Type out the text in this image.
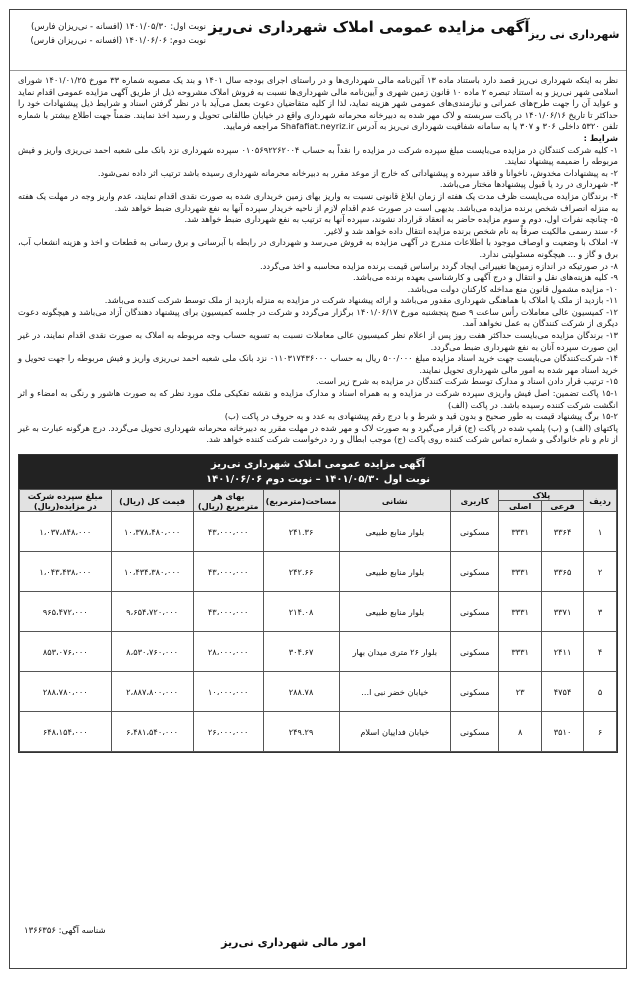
شهرداری نی ریز
آگهی مزایده عمومی املاک شهرداری نی‌ریز
نوبت اول: ۱۴۰۱/۰۵/۳۰ (افسانه - نی‌ریزان فارس)
نوبت دوم: ۱۴۰۱/۰۶/۰۶ (افسانه - نی‌ریزان فارس)

نظر به اینکه شهرداری نی‌ریز قصد دارد باستناد ماده ۱۳ آئین‌نامه مالی شهرداری‌ها و در راستای اجرای بودجه سال ۱۴۰۱ و بند یک مصوبه شماره ۳۳ مورخ ۱۴۰۱/۰۱/۲۵ شورای اسلامی شهر نی‌ریز و به استناد تبصره ۲ ماده ۱۰ قانون زمین شهری و آیین‌نامه مالی شهرداری‌ها نسبت به فروش املاک مشروحه ذیل از طریق آگهی مزایده عمومی اقدام نماید و عواید آن را جهت طرح‌های عمرانی و نیازمندی‌های عمومی شهر هزینه نماید، لذا از کلیه متقاضیان دعوت بعمل می‌آید با در نظر گرفتن اسناد و شرایط ذیل پیشنهادات خود را حداکثر تا تاریخ ۱۴۰۱/۰۶/۱۶ در پاکت سربسته و لاک مهر شده به دبیرخانه محرمانه شهرداری واقع در خیابان طالقانی تحویل و رسید اخذ نمایند. ضمناً جهت اطلاع بیشتر با شماره تلفن ۵۳۲۰ داخلی ۳۰۶ و ۳۰۷ یا به سامانه شفافیت شهرداری نی‌ریز به آدرس Shafafiat.neyriz.ir مراجعه فرمایید.

شرایط :

۱- کلیه شرکت کنندگان در مزایده می‌بایست مبلغ سپرده شرکت در مزایده را نقداً به حساب ۰۱۰۵۶۹۲۲۶۲۰۰۴ سپرده شهرداری نزد بانک ملی شعبه احمد نی‌ریزی واریز و فیش مربوطه را ضمیمه پیشنهاد نمایند.

۲- به پیشنهادات مخدوش، ناخوانا و فاقد سپرده و پیشنهاداتی که خارج از موعد مقرر به دبیرخانه محرمانه شهرداری رسیده باشد ترتیب اثر داده نمی‌شود.

۳- شهرداری در رد یا قبول پیشنهادها مختار می‌باشد.

۴- برندگان مزایده می‌بایست ظرف مدت یک هفته از زمان ابلاغ قانونی نسبت به واریز بهای زمین خریداری شده به صورت نقدی اقدام نمایند، عدم واریز وجه در مهلت یک هفته به منزله انصراف شخص برنده مزایده می‌باشد. بدیهی است در صورت عدم اقدام لازم از ناحیه خریدار سپرده آنها به نفع شهرداری ضبط خواهد شد.

۵- چنانچه نفرات اول، دوم و سوم مزایده حاضر به انعقاد قرارداد نشوند، سپرده آنها به ترتیب به نفع شهرداری ضبط خواهد شد.

۶- سند رسمی مالکیت صرفاً به نام شخص برنده مزایده انتقال داده خواهد شد و لاغیر.

۷- املاک با وضعیت و اوصاف موجود با اطلاعات مندرج در آگهی مزایده به فروش می‌رسد و شهرداری در رابطه با آبرسانی و برق رسانی به قطعات و اخذ و هزینه انشعاب آب، برق و گاز و ... هیچگونه مسئولیتی ندارد.

۸- در صورتیکه در اندازه زمین‌ها تغییراتی ایجاد گردد براساس قیمت برنده مزایده محاسبه و اخذ می‌گردد.

۹- کلیه هزینه‌های نقل و انتقال و درج آگهی و کارشناسی بعهده برنده می‌باشد.

۱۰- مزایده مشمول قانون منع مداخله کارکنان دولت می‌باشد.

۱۱- بازدید از ملک یا املاک با هماهنگی شهرداری مقدور می‌باشد و ارائه پیشنهاد شرکت در مزایده به منزله بازدید از ملک توسط شرکت کننده می‌باشد.

۱۲- کمیسیون عالی معاملات رأس ساعت ۹ صبح پنجشنبه مورخ ۱۴۰۱/۰۶/۱۷ برگزار می‌گردد و شرکت در جلسه کمیسیون برای پیشنهاد دهندگان آزاد می‌باشد و هیچگونه دعوت دیگری از شرکت کنندگان به عمل نخواهد آمد.

۱۳- برندگان مزایده می‌بایست حداکثر هفت روز پس از اعلام نظر کمیسیون عالی معاملات نسبت به تسویه حساب وجه مربوطه به املاک به صورت نقدی اقدام نمایند، در غیر این صورت سپرده آنان به نفع شهرداری ضبط می‌گردد.

۱۴- شرکت‌کنندگان می‌بایست جهت خرید اسناد مزایده مبلغ ۵۰۰/۰۰۰ ریال به حساب ۰۱۱۰۳۱۷۴۳۶۰۰۰ نزد بانک ملی شعبه احمد نی‌ریزی واریز و فیش مربوطه را جهت تحویل و خرید اسناد مهر شده به امور مالی شهرداری تحویل نمایند.

۱۵- ترتیب قرار دادن اسناد و مدارک توسط شرکت کنندگان در مزایده به شرح زیر است.

۱۵-۱ پاکت تضمین: اصل فیش واریزی سپرده شرکت در مزایده و به همراه اسناد و مدارک مزایده و نقشه تفکیکی ملک مورد نظر که به صورت هاشور و رنگی به امضاء و اثر انگشت شرکت کننده رسیده باشد. در پاکت (الف)

۱۵-۲ برگ پیشنهاد قیمت به طور صحیح و بدون قید و شرط و با درج رقم پیشنهادی به عدد و به حروف در پاکت (ب)

پاکتهای (الف) و (ب) پلمپ شده در پاکت (ج) قرار می‌گیرد و به صورت لاک و مهر شده در مهلت مقرر به دبیرخانه محرمانه شهرداری تحویل می‌گردد. درج هرگونه عبارت به غیر از نام و نام خانوادگی و شماره تماس شرکت کننده روی پاکت (ج) موجب ابطال و رد درخواست شرکت کننده خواهد شد.

آگهی مزایده عمومی املاک شهرداری نی‌ریز
نوبت اول ۱۴۰۱/۰۵/۳۰ – نوبت دوم ۱۴۰۱/۰۶/۰۶
ردیف	پلاک		کاربری	نشانی	مساحت(مترمربع)	بهای هر مترمربع (ریال)	قیمت کل (ریال)	مبلغ سپرده شرکت در مزایده(ریال)
	فرعی	اصلی						
۱	۳۳۶۴	۳۳۳۱	مسکونی	بلوار منابع طبیعی	۲۴۱.۳۶	۴۳،۰۰۰،۰۰۰	۱۰،۳۷۸،۴۸۰،۰۰۰	۱،۰۳۷،۸۴۸،۰۰۰
۲	۳۳۶۵	۳۳۳۱	مسکونی	بلوار منابع طبیعی	۲۴۲.۶۶	۴۳،۰۰۰،۰۰۰	۱۰،۴۳۴،۳۸۰،۰۰۰	۱،۰۴۳،۴۳۸،۰۰۰
۳	۳۳۷۱	۳۳۳۱	مسکونی	بلوار منابع طبیعی	۲۱۴.۰۸	۴۳،۰۰۰،۰۰۰	۹،۶۵۴،۷۲۰،۰۰۰	۹۶۵،۴۷۲،۰۰۰
۴	۲۴۱۱	۳۳۳۱	مسکونی	بلوار ۲۶ متری میدان بهار	۳۰۴.۶۷	۲۸،۰۰۰،۰۰۰	۸،۵۳۰،۷۶۰،۰۰۰	۸۵۳،۰۷۶،۰۰۰
۵	۴۷۵۴	۲۳	مسکونی	خیابان خضر نبی ا...	۲۸۸.۷۸	۱۰،۰۰۰،۰۰۰	۲،۸۸۷،۸۰۰،۰۰۰	۲۸۸،۷۸۰،۰۰۰
۶	۳۵۱۰	۸	مسکونی	خیابان فداییان اسلام	۲۴۹.۲۹	۲۶،۰۰۰،۰۰۰	۶،۴۸۱،۵۴۰،۰۰۰	۶۴۸،۱۵۴،۰۰۰
شناسه آگهی: ۱۳۶۶۳۵۶
امور مالی شهرداری نی‌ریز
